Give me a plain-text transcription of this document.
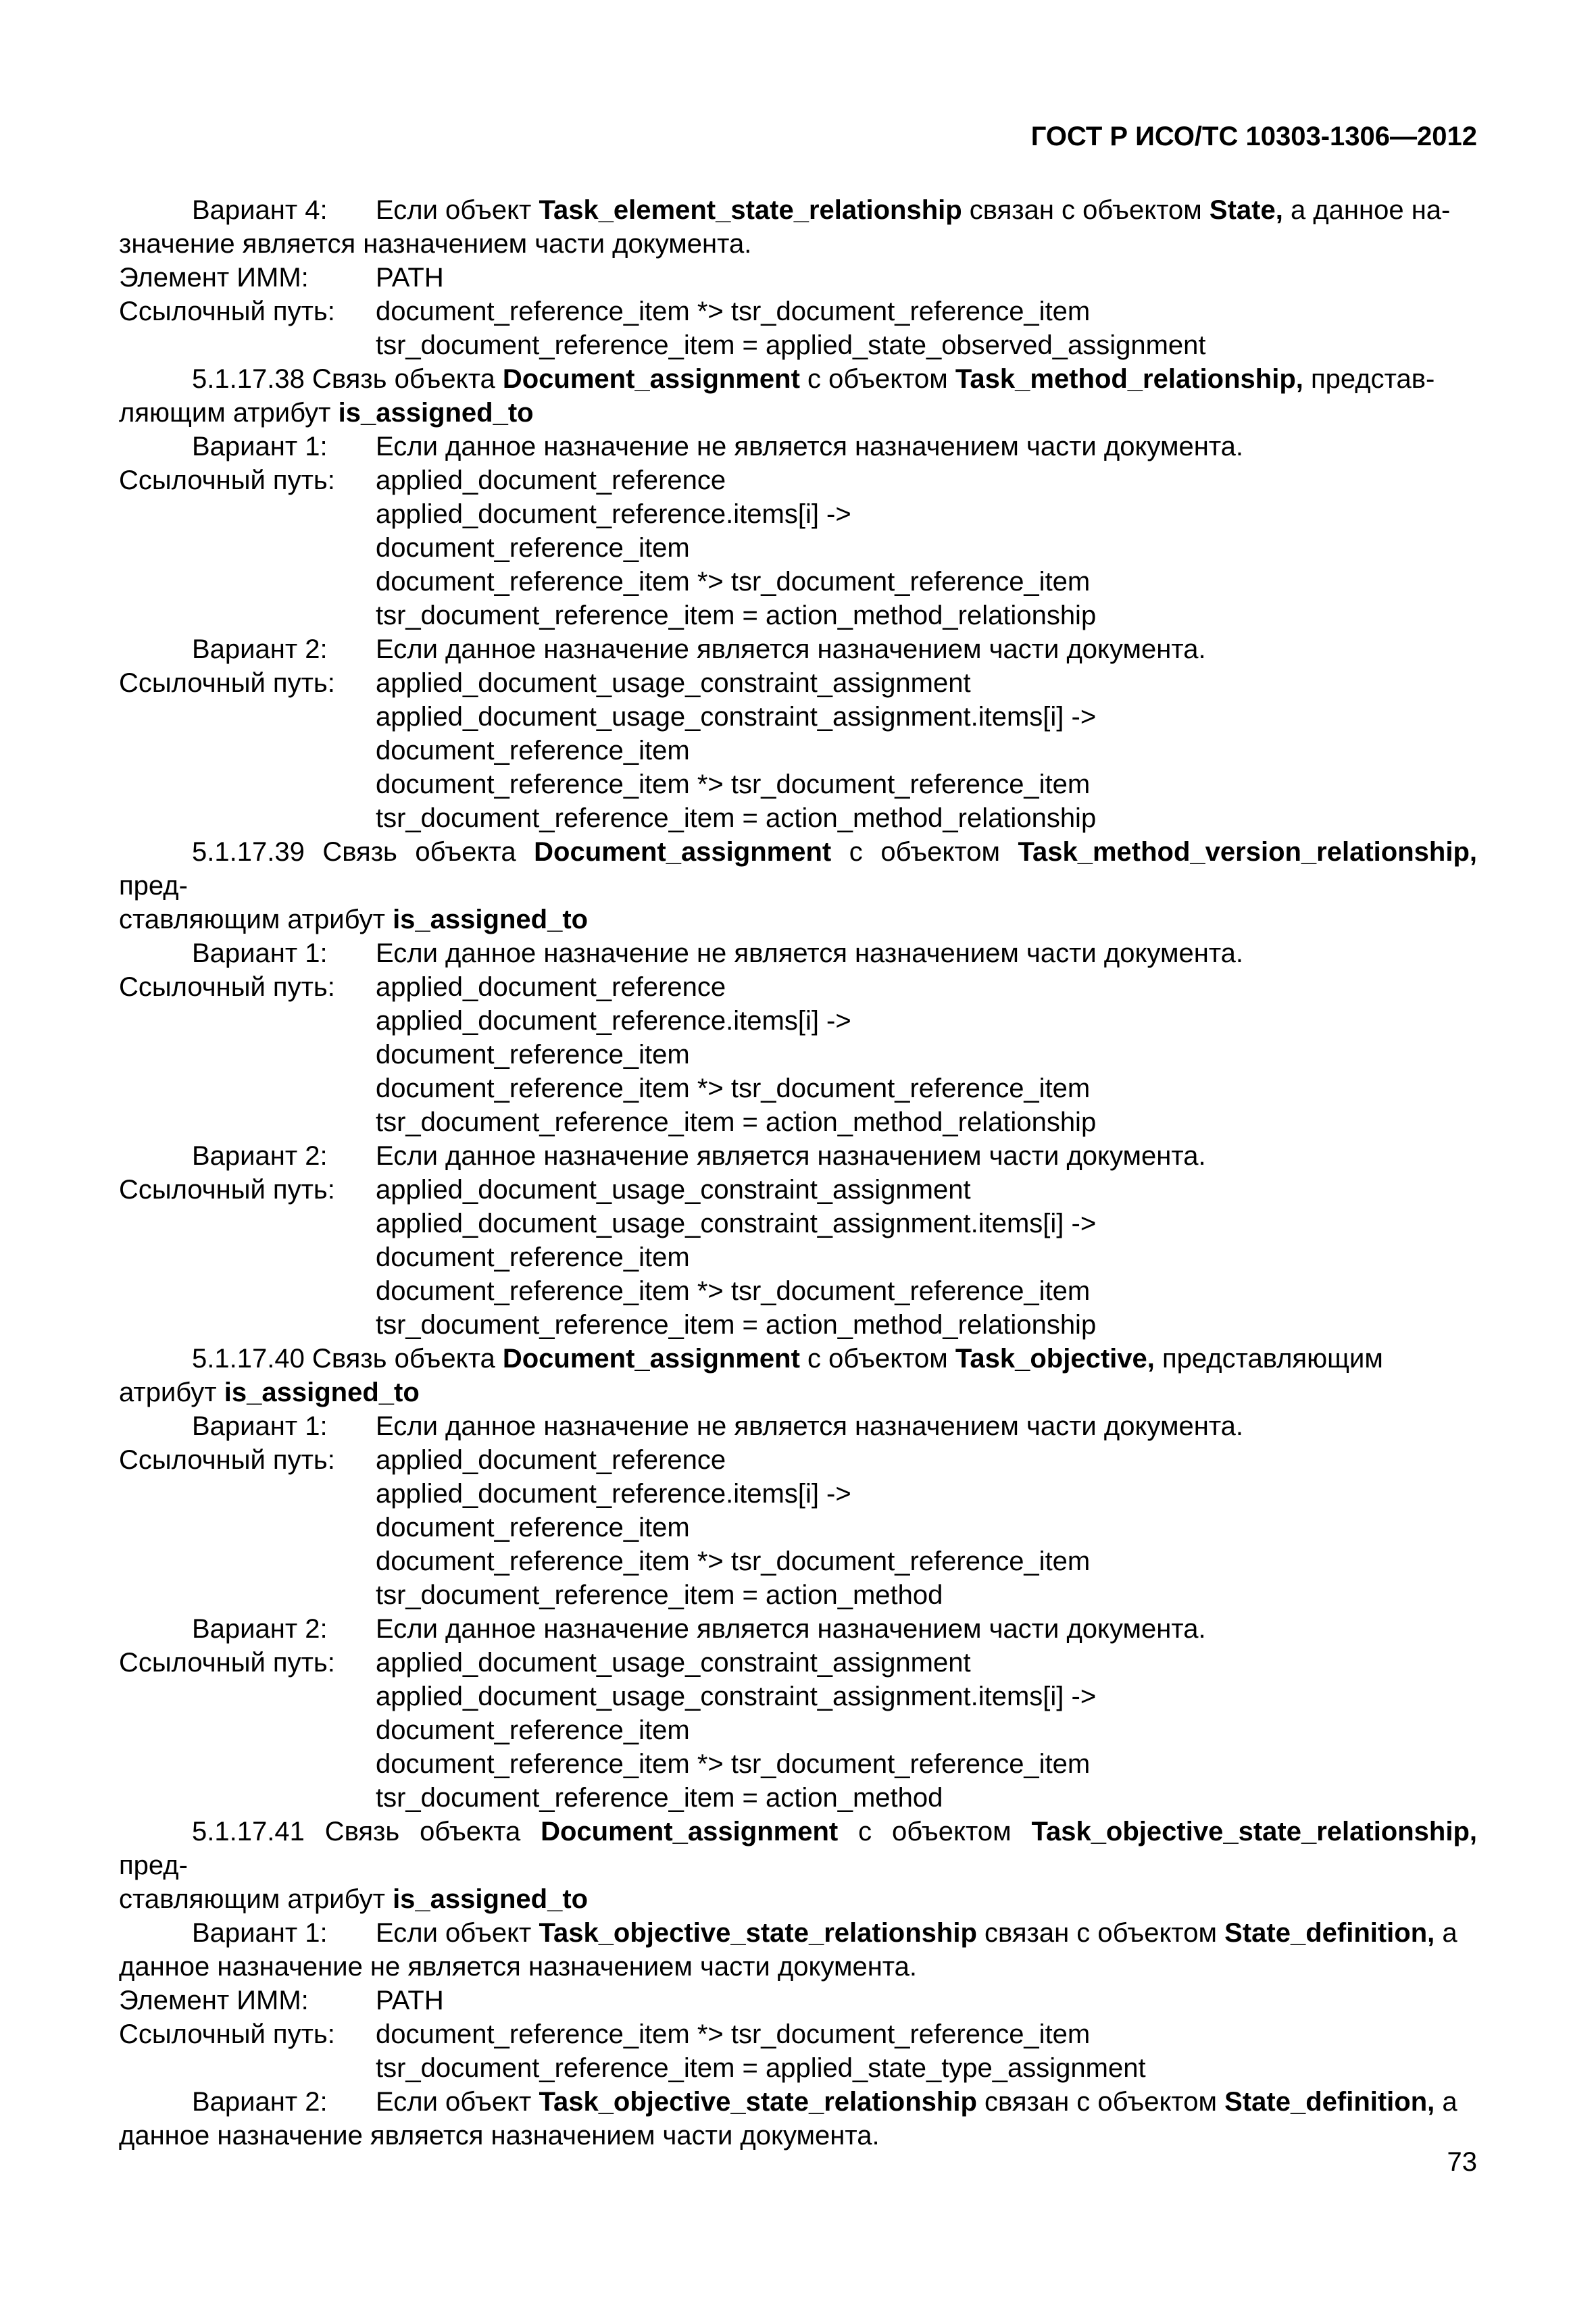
ГОСТ Р ИСО/ТС 10303-1306—2012
Вариант 4:	Если объект Task_element_state_relationship связан с объектом State, а данное на-
значение является назначением части документа.
Элемент ИММ:	PATH
Ссылочный путь:	document_reference_item *> tsr_document_reference_item
tsr_document_reference_item = applied_state_observed_assignment
5.1.17.38 Связь объекта Document_assignment с объектом Task_method_relationship, представ-
ляющим атрибут is_assigned_to
Вариант 1:	Если данное назначение не является назначением части документа.
Ссылочный путь:	applied_document_reference
applied_document_reference.items[i] ->
document_reference_item
document_reference_item *> tsr_document_reference_item
tsr_document_reference_item = action_method_relationship
Вариант 2:	Если данное назначение является назначением части документа.
Ссылочный путь:	applied_document_usage_constraint_assignment
applied_document_usage_constraint_assignment.items[i] ->
document_reference_item
document_reference_item *> tsr_document_reference_item
tsr_document_reference_item = action_method_relationship
5.1.17.39 Связь объекта Document_assignment с объектом Task_method_version_relationship, пред-
ставляющим атрибут is_assigned_to
Вариант 1:	Если данное назначение не является назначением части документа.
Ссылочный путь:	applied_document_reference
applied_document_reference.items[i] ->
document_reference_item
document_reference_item *> tsr_document_reference_item
tsr_document_reference_item = action_method_relationship
Вариант 2:	Если данное назначение является назначением части документа.
Ссылочный путь:	applied_document_usage_constraint_assignment
applied_document_usage_constraint_assignment.items[i] ->
document_reference_item
document_reference_item *> tsr_document_reference_item
tsr_document_reference_item = action_method_relationship
5.1.17.40 Связь объекта Document_assignment с объектом Task_objective, представляющим
атрибут is_assigned_to
Вариант 1:	Если данное назначение не является назначением части документа.
Ссылочный путь:	applied_document_reference
applied_document_reference.items[i] ->
document_reference_item
document_reference_item *> tsr_document_reference_item
tsr_document_reference_item = action_method
Вариант 2:	Если данное назначение является назначением части документа.
Ссылочный путь:	applied_document_usage_constraint_assignment
applied_document_usage_constraint_assignment.items[i] ->
document_reference_item
document_reference_item *> tsr_document_reference_item
tsr_document_reference_item = action_method
5.1.17.41 Связь объекта Document_assignment с объектом Task_objective_state_relationship, пред-
ставляющим атрибут is_assigned_to
Вариант 1:	Если объект Task_objective_state_relationship связан с объектом State_definition, а
данное назначение не является назначением части документа.
Элемент ИММ:	PATH
Ссылочный путь:	document_reference_item *> tsr_document_reference_item
tsr_document_reference_item = applied_state_type_assignment
Вариант 2:	Если объект Task_objective_state_relationship связан с объектом State_definition, а
данное назначение является назначением части документа.
73
